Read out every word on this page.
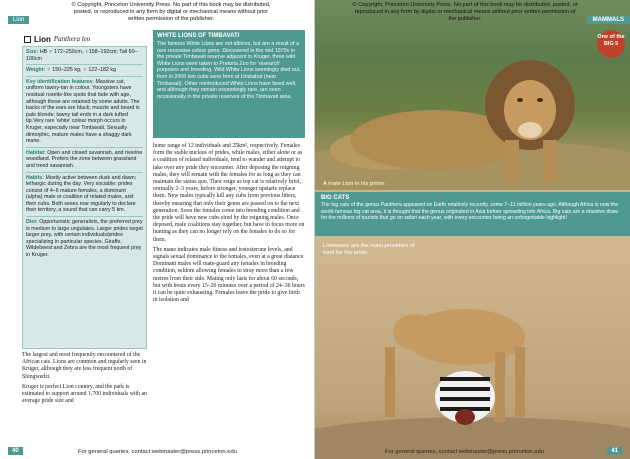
© Copyright, Princeton University Press. No part of this book may be distributed, posted, or reproduced in any form by digital or mechanical means without prior written permission of the publisher.
Lion
Lion Panthera leo
Size: HB ♂ 172–250cm, ♀158–192cm; Tail 60–100cm
Weight: ♂ 150–225 kg, ♀ 122–182 kg
Key identification features: Massive cat, uniform tawny-tan in colour. Youngsters have residual rosette-like spots that fade with age, although these are retained by some adults. The backs of the ears are black; muzzle and beard is pale blonde; tawny tail ends in a dark tufted tip.Very rare 'white' colour morph occurs in Kruger, especially near Timbavati. Sexually dimorphic, mature males have a shaggy dark mane.
Habitat: Open and closed savannah, and riverine woodland. Prefers the zone between grassland and treed savannah.
Habits: Mostly active between dusk and dawn; lethargic during the day. Very sociable: prides consist of 4–6 mature females, a dominant (alpha) male or coalition of related males, and their cubs. Both sexes roar regularly to declare their territory, a sound that can carry 5 km.
Diet: Opportunistic generalists, the preferred prey is medium to large ungulates. Larger prides target larger prey, with certain individuals/prides specializing in particular species. Giraffe, Wildebeest and Zebra are the most frequent prey in Kruger.

The largest and most frequently encountered of the African cats. Lions are common and regularly seen in Kruger, although they are less frequent north of Shingwedzi.

Kruger is perfect Lion country, and the park is estimated to support around 1,700 individuals with an average pride size and

WHITE LIONS OF TIMBAVATI

The famous White Lions are not albinos, but are a result of a rare recessive colour gene. Discovered in the mid 1970s in the private Timbavati reserve adjacent to Kruger, three wild White Lions were taken to Pretoria Zoo for 'research' purposes and breeding. Wild White Lions seemingly died out, then in 2006 two cubs were born at Umbabat (near Timbavati). Other reintroduced White Lions have fared well, and although they remain exceedingly rare, are seen occasionally in the private reserves of the Timbavati area.

home range of 12 individuals and 25km², respectively. Females form the stable nucleus of prides, while males, either alone or as a coalition of related individuals, tend to wander and attempt to take over any pride they encounter. After deposing the reigning males, they will remain with the females for as long as they can maintain the status quo. Their reign as top cat is relatively brief, normally 2–3 years, before stronger, younger upstarts replace them. New males typically kill any cubs from previous litters, thereby ensuring that only their genes are passed on to the next generation. Soon the females come into breeding condition and the pride will have new cubs sired by the reigning males. Once deposed, male coalitions stay together, but have to focus more on hunting as they can no longer rely on the females to do so for them.

The mane indicates male fitness and testosterone levels, and signals sexual dominance to the females, even at a great distance. Dominant males will mate-guard any females in breeding condition, seldom allowing females to stray more than a few metres from their side. Mating only lasts for about 60 seconds, but with bouts every 15–20 minutes over a period of 24–36 hours it can be quite exhausting. Females leave the pride to give birth in isolation and

40	For general queries, contact webmaster@press.princeton.edu
© Copyright, Princeton University Press. No part of this book may be distributed, posted, or reproduced in any form by digital or mechanical means without prior written permission of the publisher.	MAMMALS
One of the BIG 5
A male Lion in his prime
BIG CATS

The big cats of the genus Panthera appeared on Earth relatively recently, some 7–11 million years ago. Although Africa is now the world-famous big cat area, it is thought that the genus originated in Asia before spreading into Africa. Big cats are a massive draw for the millions of tourists that go on safari each year, with every encounter being an unforgettable highlight!

Lionesses are the main providers of food for the pride.
For general queries, contact webmaster@press.princeton.edu	41
